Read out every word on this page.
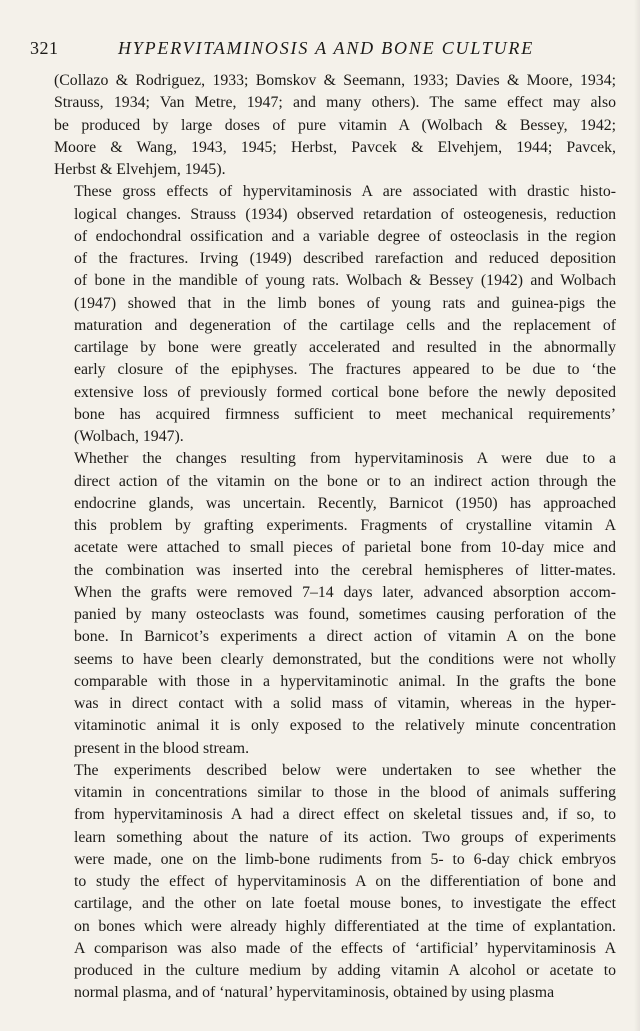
321	HYPERVITAMINOSIS A AND BONE CULTURE

(Collazo & Rodriguez, 1933; Bomskov & Seemann, 1933; Davies & Moore, 1934;
Strauss, 1934; Van Metre, 1947; and many others). The same effect may also
be produced by large doses of pure vitamin A (Wolbach & Bessey, 1942;
Moore & Wang, 1943, 1945; Herbst, Pavcek & Elvehjem, 1944; Pavcek,
Herbst & Elvehjem, 1945).

These gross effects of hypervitaminosis A are associated with drastic histo-
logical changes. Strauss (1934) observed retardation of osteogenesis, reduction
of endochondral ossification and a variable degree of osteoclasis in the region
of the fractures. Irving (1949) described rarefaction and reduced deposition
of bone in the mandible of young rats. Wolbach & Bessey (1942) and Wolbach
(1947) showed that in the limb bones of young rats and guinea-pigs the
maturation and degeneration of the cartilage cells and the replacement of
cartilage by bone were greatly accelerated and resulted in the abnormally
early closure of the epiphyses. The fractures appeared to be due to ‘the
extensive loss of previously formed cortical bone before the newly deposited
bone has acquired firmness sufficient to meet mechanical requirements’
(Wolbach, 1947).

Whether the changes resulting from hypervitaminosis A were due to a
direct action of the vitamin on the bone or to an indirect action through the
endocrine glands, was uncertain. Recently, Barnicot (1950) has approached
this problem by grafting experiments. Fragments of crystalline vitamin A
acetate were attached to small pieces of parietal bone from 10-day mice and
the combination was inserted into the cerebral hemispheres of litter-mates.
When the grafts were removed 7–14 days later, advanced absorption accom-
panied by many osteoclasts was found, sometimes causing perforation of the
bone. In Barnicot’s experiments a direct action of vitamin A on the bone
seems to have been clearly demonstrated, but the conditions were not wholly
comparable with those in a hypervitaminotic animal. In the grafts the bone
was in direct contact with a solid mass of vitamin, whereas in the hyper-
vitaminotic animal it is only exposed to the relatively minute concentration
present in the blood stream.

The experiments described below were undertaken to see whether the
vitamin in concentrations similar to those in the blood of animals suffering
from hypervitaminosis A had a direct effect on skeletal tissues and, if so, to
learn something about the nature of its action. Two groups of experiments
were made, one on the limb-bone rudiments from 5- to 6-day chick embryos
to study the effect of hypervitaminosis A on the differentiation of bone and
cartilage, and the other on late foetal mouse bones, to investigate the effect
on bones which were already highly differentiated at the time of explantation.
A comparison was also made of the effects of ‘artificial’ hypervitaminosis A
produced in the culture medium by adding vitamin A alcohol or acetate to
normal plasma, and of ‘natural’ hypervitaminosis, obtained by using plasma
